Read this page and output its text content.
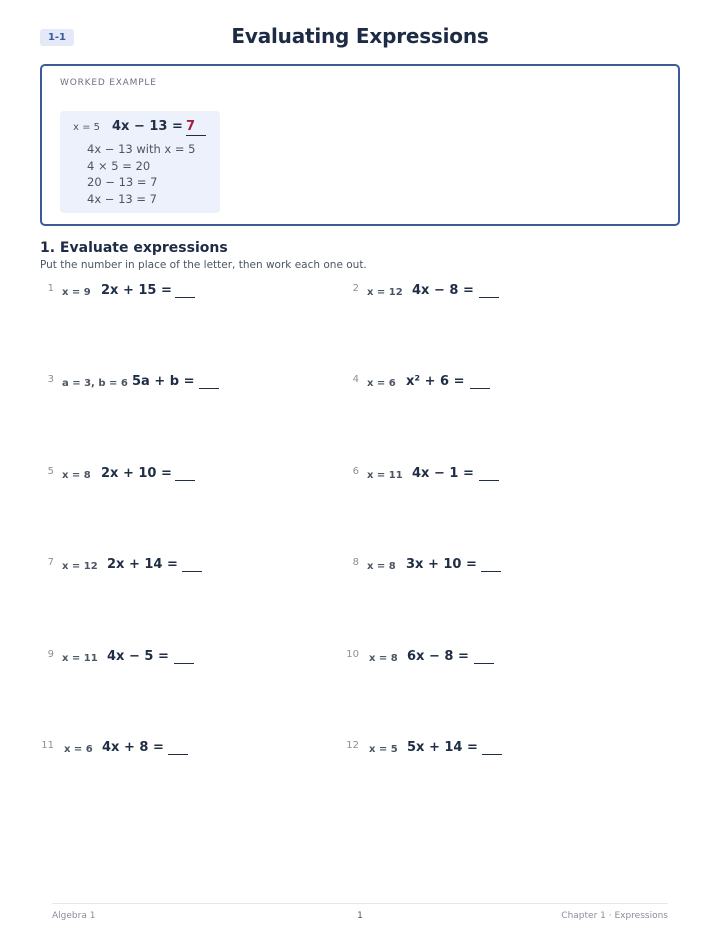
1-1	Evaluating Expressions
WORKED EXAMPLE
x = 5 4x − 13 = 7
4x − 13 with x = 5
4 × 5 = 20
20 − 13 = 7
4x − 13 = 7
1. Evaluate expressions
Put the number in place of the letter, then work each one out.
1 x = 9 2x + 15 =	2 x = 12 4x − 8 =
3 a = 3, b = 6 5a + b =	4 x = 6 x² + 6 =
5 x = 8 2x + 10 =	6 x = 11 4x − 1 =
7 x = 12 2x + 14 =	8 x = 8 3x + 10 =
9 x = 11 4x − 5 =	10 x = 8 6x − 8 =
11 x = 6 4x + 8 =	12 x = 5 5x + 14 =
Algebra 1	1	Chapter 1 · Expressions
